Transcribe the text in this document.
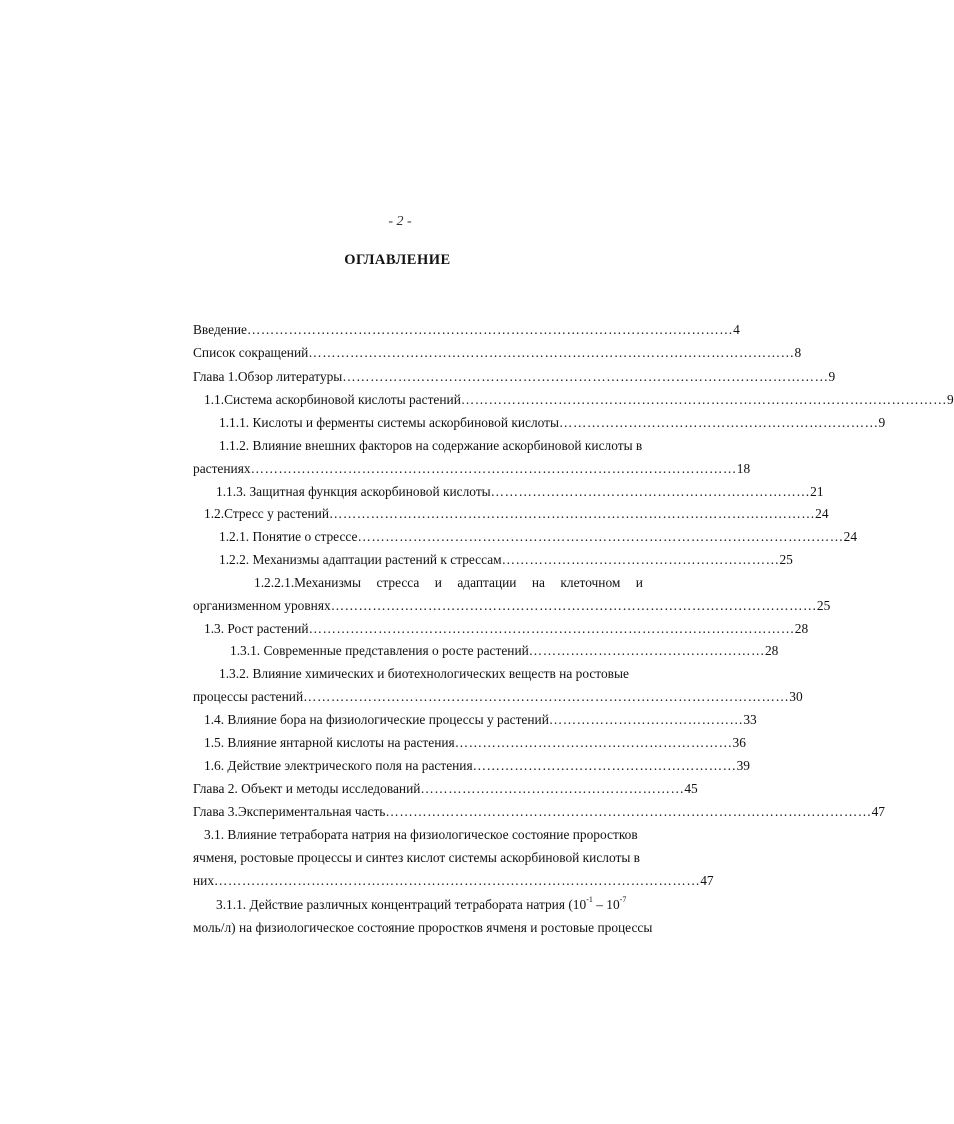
- 2 -
ОГЛАВЛЕНИЕ
Введение …………………………………………………………………………………………… 4
Список сокращений …………………………………………………………………………………………… 8
Глава 1.Обзор литературы …………………………………………………………………………………………… 9
1.1.Система аскорбиновой кислоты растений …………………………………………………………………………………………… 9
1.1.1. Кислоты и ферменты системы аскорбиновой кислоты …………………………………………………………… 9
1.1.2. Влияние внешних факторов на содержание аскорбиновой кислоты в
растениях …………………………………………………………………………………………… 18
1.1.3. Защитная функция аскорбиновой кислоты …………………………………………………………… 21
1.2.Стресс у растений …………………………………………………………………………………………… 24
1.2.1. Понятие о стрессе …………………………………………………………………………………………… 24
1.2.2. Механизмы адаптации растений к стрессам …………………………………………………… 25
1.2.2.1.Механизмы стресса и адаптации на клеточном и
организменном уровнях …………………………………………………………………………………………… 25
1.3. Рост растений …………………………………………………………………………………………… 28
1.3.1. Современные представления о росте растений …………………………………………… 28
1.3.2. Влияние химических и биотехнологических веществ на ростовые
процессы растений …………………………………………………………………………………………… 30
1.4. Влияние бора на физиологические процессы у растений …………………………………… 33
1.5. Влияние янтарной кислоты на растения …………………………………………………… 36
1.6. Действие электрического поля на растения ………………………………………………… 39
Глава 2. Объект и методы исследований ………………………………………………… 45
Глава 3.Экспериментальная часть …………………………………………………………………………………………… 47
3.1. Влияние тетрабората натрия на физиологическое состояние проростков
ячменя, ростовые процессы и синтез кислот системы аскорбиновой кислоты в
них …………………………………………………………………………………………… 47
3.1.1. Действие различных концентраций тетрабората натрия ($10^{-1} - 10^{-7}$
моль/л) на физиологическое состояние проростков ячменя и ростовые процессы
